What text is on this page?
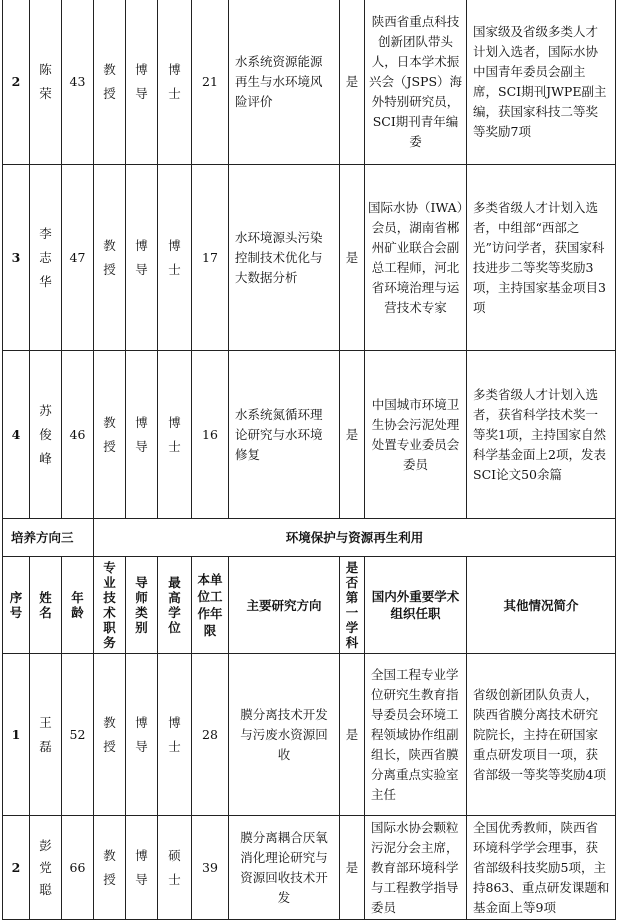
2	陈荣	43	教授	博导	博士	21	水系统资源能源再生与水环境风险评价	是	陕西省重点科技创新团队带头人，日本学术振兴会（JSPS）海外特别研究员，SCI期刊青年编委	国家级及省级多类人才计划入选者，国际水协中国青年委员会副主席，SCI期刊JWPE副主编，获国家科技二等奖等奖励7项
3	李志华	47	教授	博导	博士	17	水环境源头污染控制技术优化与大数据分析	是	国际水协（IWA）会员，湖南省郴州矿业联合会副总工程师，河北省环境治理与运营技术专家	多类省级人才计划入选者，中组部“西部之光”访问学者，获国家科技进步二等奖等奖励3项，主持国家基金项目3项
4	苏俊峰	46	教授	博导	博士	16	水系统氮循环理论研究与水环境修复	是	中国城市环境卫生协会污泥处理处置专业委员会委员	多类省级人才计划入选者，获省科学技术奖一等奖1项，主持国家自然科学基金面上2项，发表SCI论文50余篇
培养方向三			环境保护与资源再生利用							

序号	姓名	年龄	专业技术职务	导师类别	最高学位	本单位工作年限	主要研究方向	是否第一学科	国内外重要学术组织任职	其他情况简介
1	王磊	52	教授	博导	博士	28	膜分离技术开发与污废水资源回收	是	全国工程专业学位研究生教育指导委员会环境工程领域协作组副组长，陕西省膜分离重点实验室主任	省级创新团队负责人，陕西省膜分离技术研究院院长，主持在研国家重点研发项目一项，获省部级一等奖等奖励4项
2	彭党聪	66	教授	博导	硕士	39	膜分离耦合厌氧消化理论研究与资源回收技术开发	是	国际水协会颗粒污泥分会主席，教育部环境科学与工程教学指导委员	全国优秀教师，陕西省环境科学学会理事，获省部级科技奖励5项，主持863、重点研发课题和基金面上等9项
